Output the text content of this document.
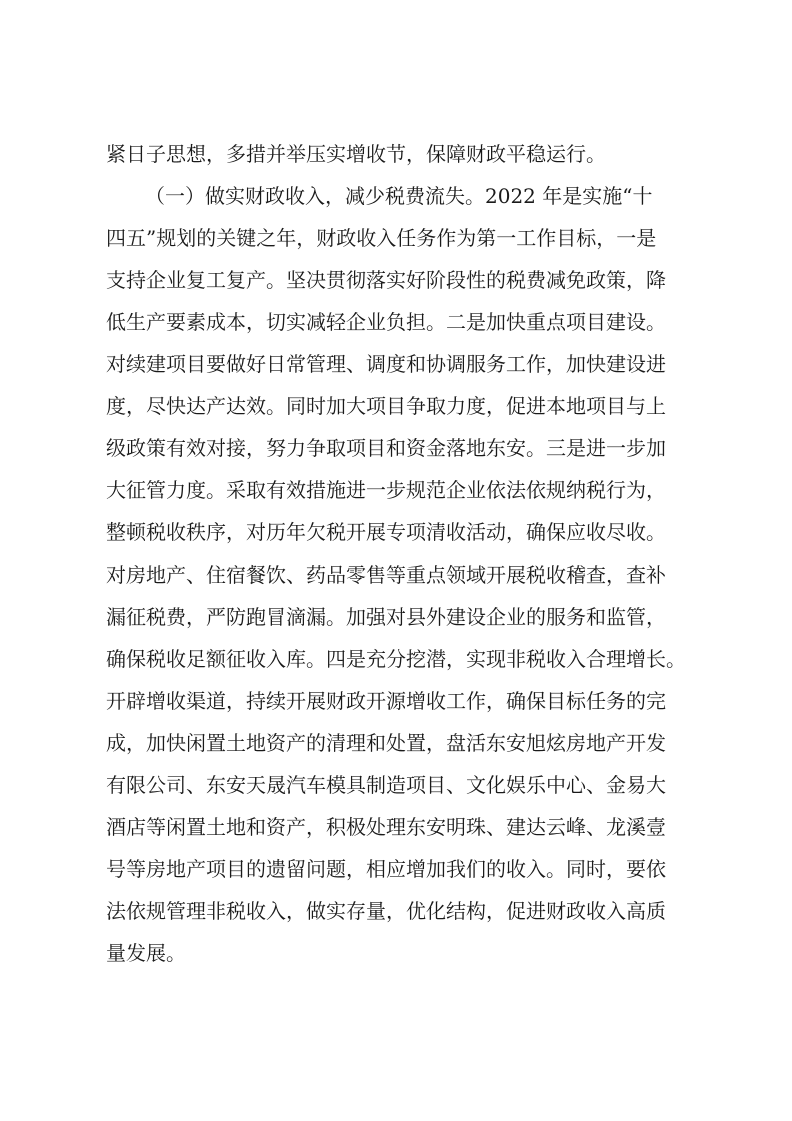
紧日子思想，多措并举压实增收节，保障财政平稳运行。
（一）做实财政收入，减少税费流失。2022 年是实施“十
四五”规划的关键之年，财政收入任务作为第一工作目标，一是
支持企业复工复产。坚决贯彻落实好阶段性的税费减免政策，降
低生产要素成本，切实减轻企业负担。二是加快重点项目建设。
对续建项目要做好日常管理、调度和协调服务工作，加快建设进
度，尽快达产达效。同时加大项目争取力度，促进本地项目与上
级政策有效对接，努力争取项目和资金落地东安。三是进一步加
大征管力度。采取有效措施进一步规范企业依法依规纳税行为，
整顿税收秩序，对历年欠税开展专项清收活动，确保应收尽收。
对房地产、住宿餐饮、药品零售等重点领域开展税收稽查，查补
漏征税费，严防跑冒滴漏。加强对县外建设企业的服务和监管，
确保税收足额征收入库。四是充分挖潜，实现非税收入合理增长。
开辟增收渠道，持续开展财政开源增收工作，确保目标任务的完
成，加快闲置土地资产的清理和处置，盘活东安旭炫房地产开发
有限公司、东安天晟汽车模具制造项目、文化娱乐中心、金易大
酒店等闲置土地和资产，积极处理东安明珠、建达云峰、龙溪壹
号等房地产项目的遗留问题，相应增加我们的收入。同时，要依
法依规管理非税收入，做实存量，优化结构，促进财政收入高质
量发展。
